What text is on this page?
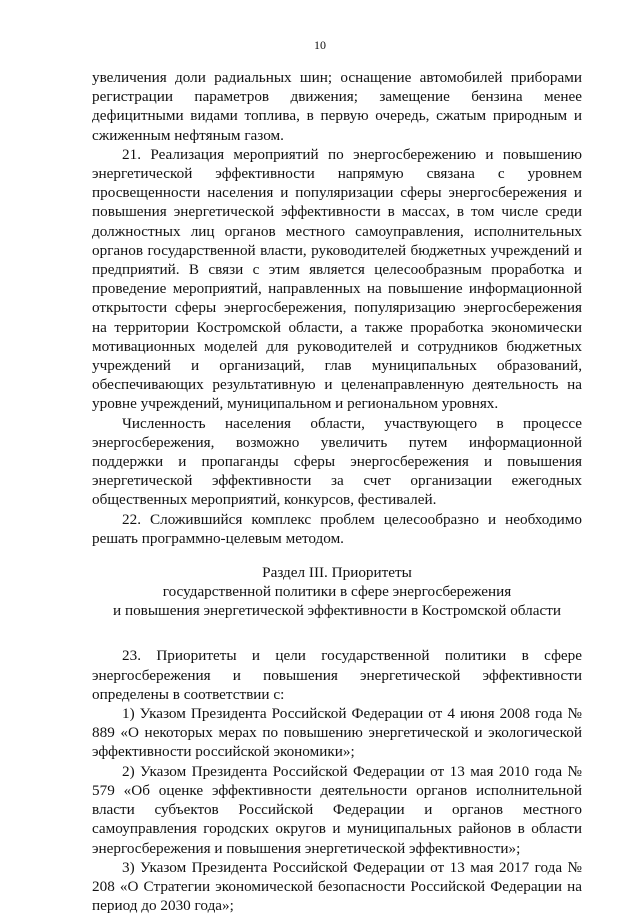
10

увеличения доли радиальных шин; оснащение автомобилей приборами регистрации параметров движения; замещение бензина менее дефицитными видами топлива, в первую очередь, сжатым природным и сжиженным нефтяным газом.

21. Реализация мероприятий по энергосбережению и повышению энергетической эффективности напрямую связана с уровнем просвещенности населения и популяризации сферы энергосбережения и повышения энергетической эффективности в массах, в том числе среди должностных лиц органов местного самоуправления, исполнительных органов государственной власти, руководителей бюджетных учреждений и предприятий. В связи с этим является целесообразным проработка и проведение мероприятий, направленных на повышение информационной открытости сферы энергосбережения, популяризацию энергосбережения на территории Костромской области, а также проработка экономически мотивационных моделей для руководителей и сотрудников бюджетных учреждений и организаций, глав муниципальных образований, обеспечивающих результативную и целенаправленную деятельность на уровне учреждений, муниципальном и региональном уровнях.

Численность населения области, участвующего в процессе энергосбережения, возможно увеличить путем информационной поддержки и пропаганды сферы энергосбережения и повышения энергетической эффективности за счет организации ежегодных общественных мероприятий, конкурсов, фестивалей.

22. Сложившийся комплекс проблем целесообразно и необходимо решать программно-целевым методом.

Раздел III. Приоритеты
государственной политики в сфере энергосбережения
и повышения энергетической эффективности в Костромской области

23. Приоритеты и цели государственной политики в сфере энергосбережения и повышения энергетической эффективности определены в соответствии с:

1) Указом Президента Российской Федерации от 4 июня 2008 года № 889 «О некоторых мерах по повышению энергетической и экологической эффективности российской экономики»;

2) Указом Президента Российской Федерации от 13 мая 2010 года № 579 «Об оценке эффективности деятельности органов исполнительной власти субъектов Российской Федерации и органов местного самоуправления городских округов и муниципальных районов в области энергосбережения и повышения энергетической эффективности»;

3) Указом Президента Российской Федерации от 13 мая 2017 года № 208 «О Стратегии экономической безопасности Российской Федерации на период до 2030 года»;
